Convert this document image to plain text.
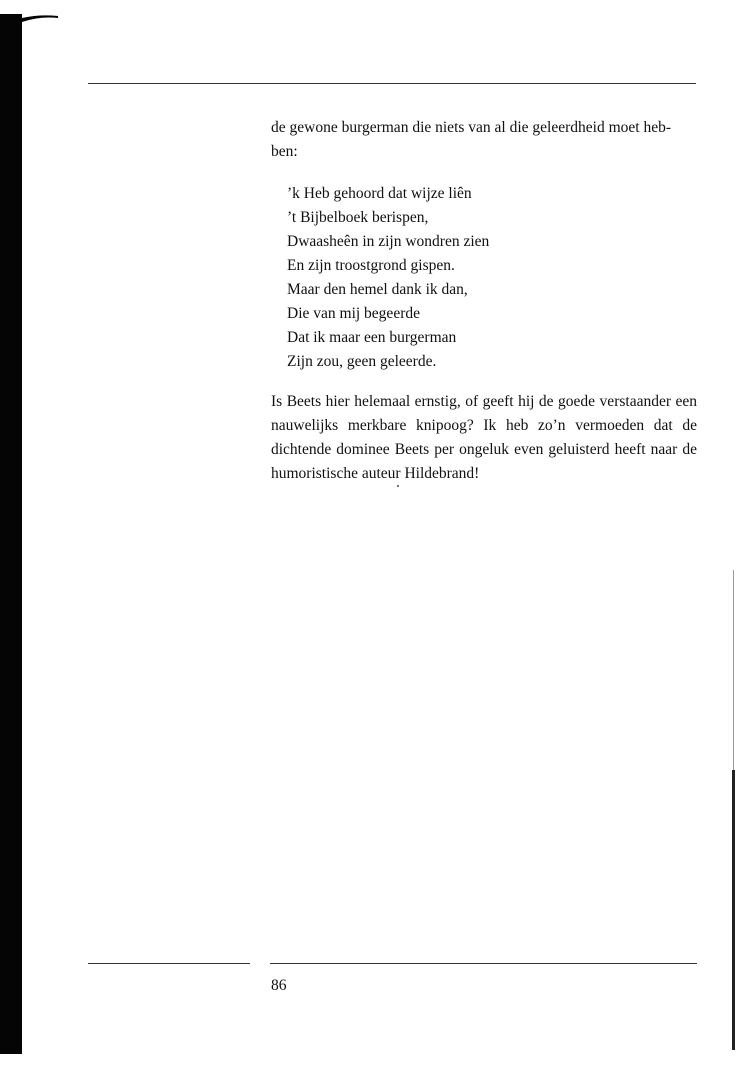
de gewone burgerman die niets van al die geleerdheid moet heb-
ben:

’k Heb gehoord dat wijze liên
’t Bijbelboek berispen,
Dwaasheên in zijn wondren zien
En zijn troostgrond gispen.
Maar den hemel dank ik dan,
Die van mij begeerde
Dat ik maar een burgerman
Zijn zou, geen geleerde.

Is Beets hier helemaal ernstig, of geeft hij de goede verstaander een nauwelijks merkbare knipoog? Ik heb zo’n vermoeden dat de dichtende dominee Beets per ongeluk even geluisterd heeft naar de humoristische auteur Hildebrand!

86
